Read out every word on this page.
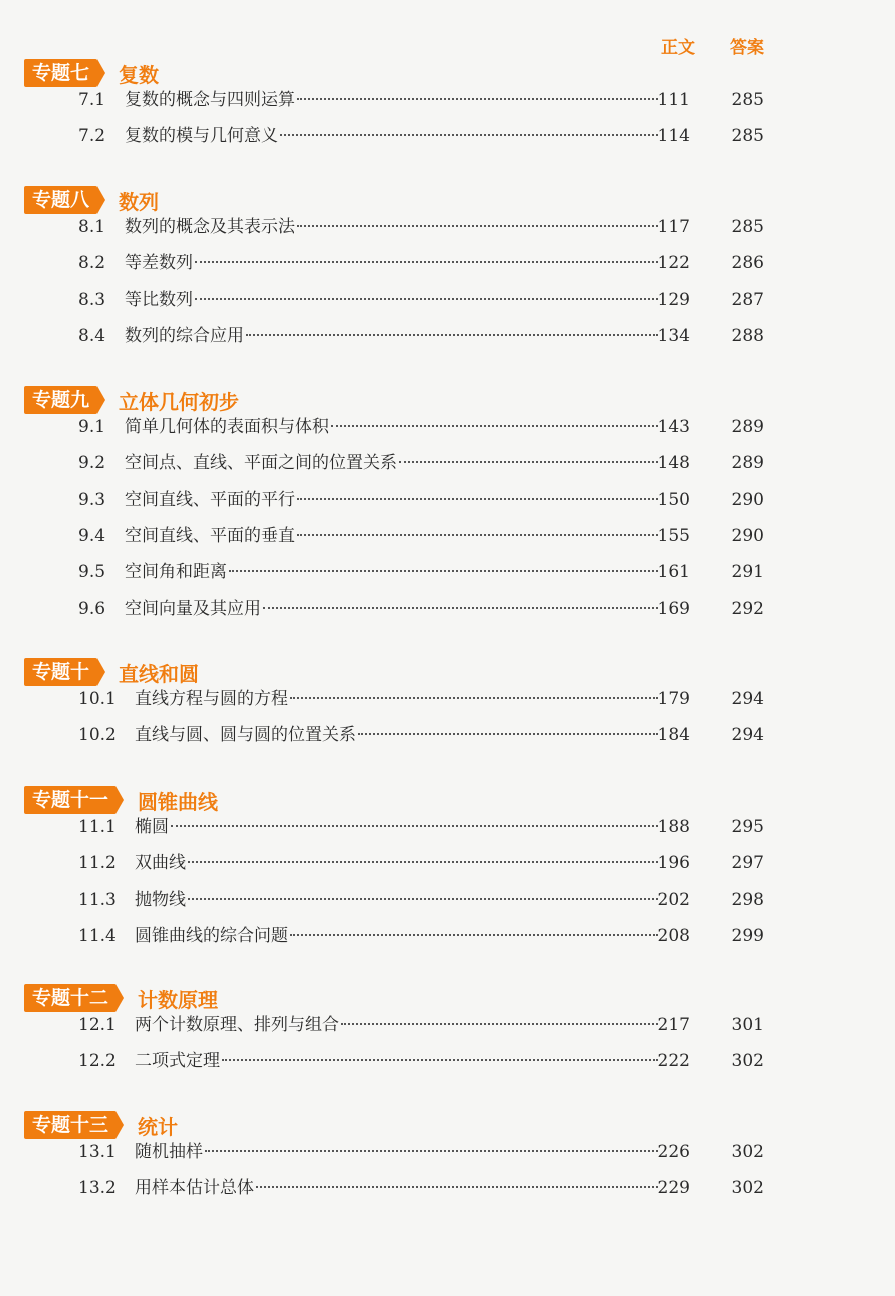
正文 答案
专题七	复数
7.1 复数的概念与四则运算	111	285
7.2 复数的模与几何意义	114	285
专题八	数列
8.1 数列的概念及其表示法	117	285
8.2 等差数列	122	286
8.3 等比数列	129	287
8.4 数列的综合应用	134	288
专题九	立体几何初步
9.1 简单几何体的表面积与体积	143	289
9.2 空间点、直线、平面之间的位置关系	148	289
9.3 空间直线、平面的平行	150	290
9.4 空间直线、平面的垂直	155	290
9.5 空间角和距离	161	291
9.6 空间向量及其应用	169	292
专题十	直线和圆
10.1 直线方程与圆的方程	179	294
10.2 直线与圆、圆与圆的位置关系	184	294
专题十一	圆锥曲线
11.1 椭圆	188	295
11.2 双曲线	196	297
11.3 抛物线	202	298
11.4 圆锥曲线的综合问题	208	299
专题十二	计数原理
12.1 两个计数原理、排列与组合	217	301
12.2 二项式定理	222	302
专题十三	统计
13.1 随机抽样	226	302
13.2 用样本估计总体	229	302
